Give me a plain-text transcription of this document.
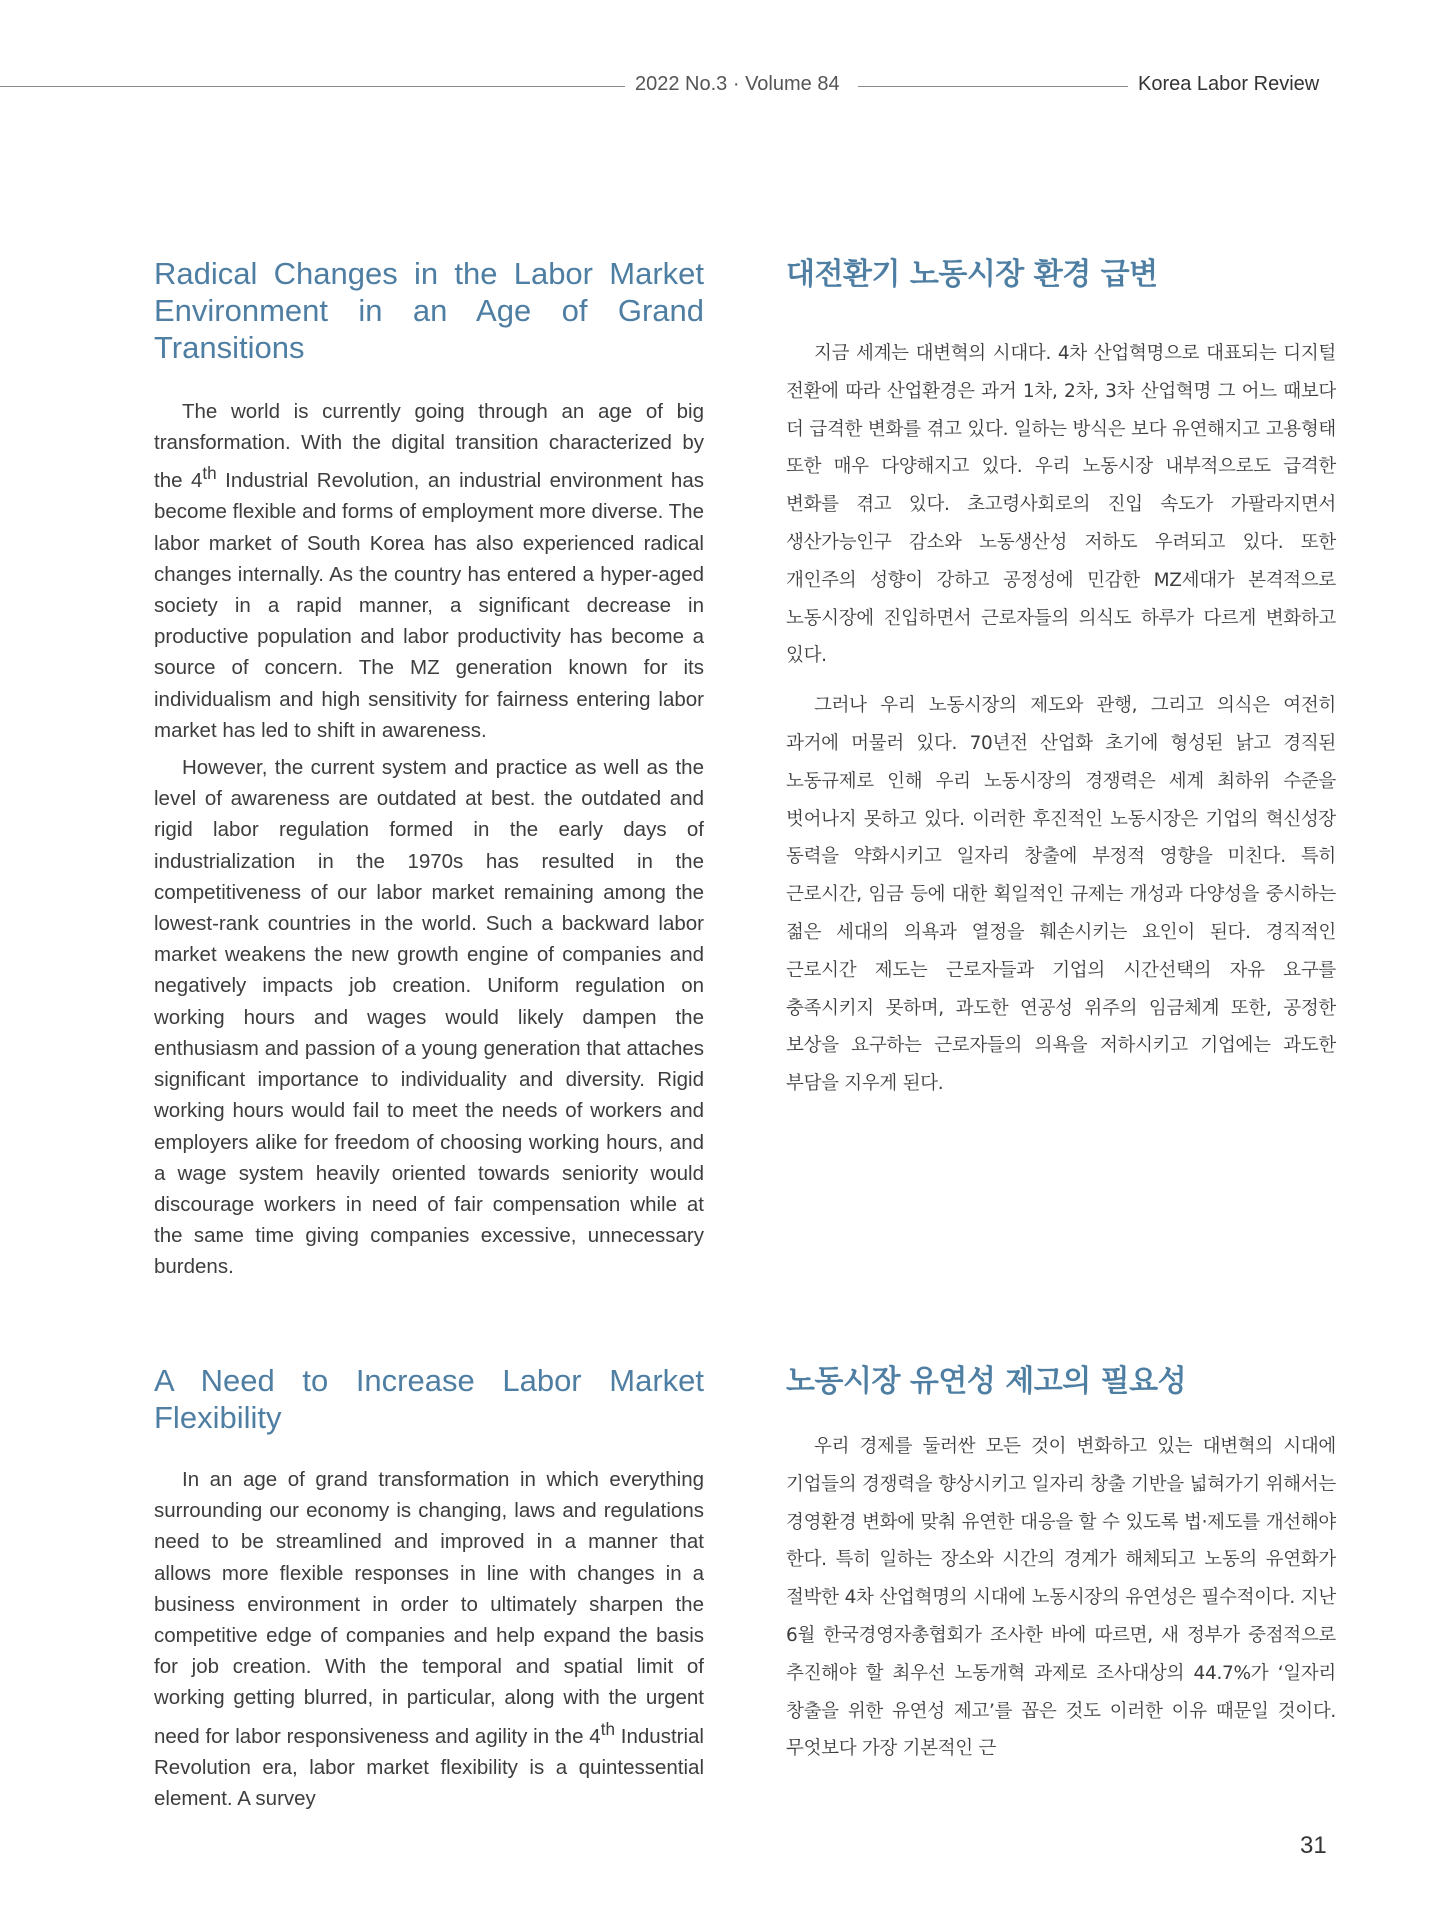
2022 No.3 · Volume 84	Korea Labor Review
Radical Changes in the Labor Market Environment in an Age of Grand Transitions

The world is currently going through an age of big transformation. With the digital transition characterized by the 4th Industrial Revolution, an industrial environment has become flexible and forms of employment more diverse. The labor market of South Korea has also experienced radical changes internally. As the country has entered a hyper-aged society in a rapid manner, a significant decrease in productive population and labor productivity has become a source of concern. The MZ generation known for its individualism and high sensitivity for fairness entering labor market has led to shift in awareness.

However, the current system and practice as well as the level of awareness are outdated at best. the outdated and rigid labor regulation formed in the early days of industrialization in the 1970s has resulted in the competitiveness of our labor market remaining among the lowest-rank countries in the world. Such a backward labor market weakens the new growth engine of companies and negatively impacts job creation. Uniform regulation on working hours and wages would likely dampen the enthusiasm and passion of a young generation that attaches significant importance to individuality and diversity. Rigid working hours would fail to meet the needs of workers and employers alike for freedom of choosing working hours, and a wage system heavily oriented towards seniority would discourage workers in need of fair compensation while at the same time giving companies excessive, unnecessary burdens.

대전환기 노동시장 환경 급변

지금 세계는 대변혁의 시대다. 4차 산업혁명으로 대표되는 디지털 전환에 따라 산업환경은 과거 1차, 2차, 3차 산업혁명 그 어느 때보다 더 급격한 변화를 겪고 있다. 일하는 방식은 보다 유연해지고 고용형태 또한 매우 다양해지고 있다. 우리 노동시장 내부적으로도 급격한 변화를 겪고 있다. 초고령사회로의 진입 속도가 가팔라지면서 생산가능인구 감소와 노동생산성 저하도 우려되고 있다. 또한 개인주의 성향이 강하고 공정성에 민감한 MZ세대가 본격적으로 노동시장에 진입하면서 근로자들의 의식도 하루가 다르게 변화하고 있다.

그러나 우리 노동시장의 제도와 관행, 그리고 의식은 여전히 과거에 머물러 있다. 70년전 산업화 초기에 형성된 낡고 경직된 노동규제로 인해 우리 노동시장의 경쟁력은 세계 최하위 수준을 벗어나지 못하고 있다. 이러한 후진적인 노동시장은 기업의 혁신성장 동력을 약화시키고 일자리 창출에 부정적 영향을 미친다. 특히 근로시간, 임금 등에 대한 획일적인 규제는 개성과 다양성을 중시하는 젊은 세대의 의욕과 열정을 훼손시키는 요인이 된다. 경직적인 근로시간 제도는 근로자들과 기업의 시간선택의 자유 요구를 충족시키지 못하며, 과도한 연공성 위주의 임금체계 또한, 공정한 보상을 요구하는 근로자들의 의욕을 저하시키고 기업에는 과도한 부담을 지우게 된다.

A Need to Increase Labor Market Flexibility

In an age of grand transformation in which everything surrounding our economy is changing, laws and regulations need to be streamlined and improved in a manner that allows more flexible responses in line with changes in a business environment in order to ultimately sharpen the competitive edge of companies and help expand the basis for job creation. With the temporal and spatial limit of working getting blurred, in particular, along with the urgent need for labor responsiveness and agility in the 4th Industrial Revolution era, labor market flexibility is a quintessential element. A survey

노동시장 유연성 제고의 필요성

우리 경제를 둘러싼 모든 것이 변화하고 있는 대변혁의 시대에 기업들의 경쟁력을 향상시키고 일자리 창출 기반을 넓혀가기 위해서는 경영환경 변화에 맞춰 유연한 대응을 할 수 있도록 법·제도를 개선해야 한다. 특히 일하는 장소와 시간의 경계가 해체되고 노동의 유연화가 절박한 4차 산업혁명의 시대에 노동시장의 유연성은 필수적이다. 지난 6월 한국경영자총협회가 조사한 바에 따르면, 새 정부가 중점적으로 추진해야 할 최우선 노동개혁 과제로 조사대상의 44.7%가 ‘일자리 창출을 위한 유연성 제고’를 꼽은 것도 이러한 이유 때문일 것이다. 무엇보다 가장 기본적인 근

31
